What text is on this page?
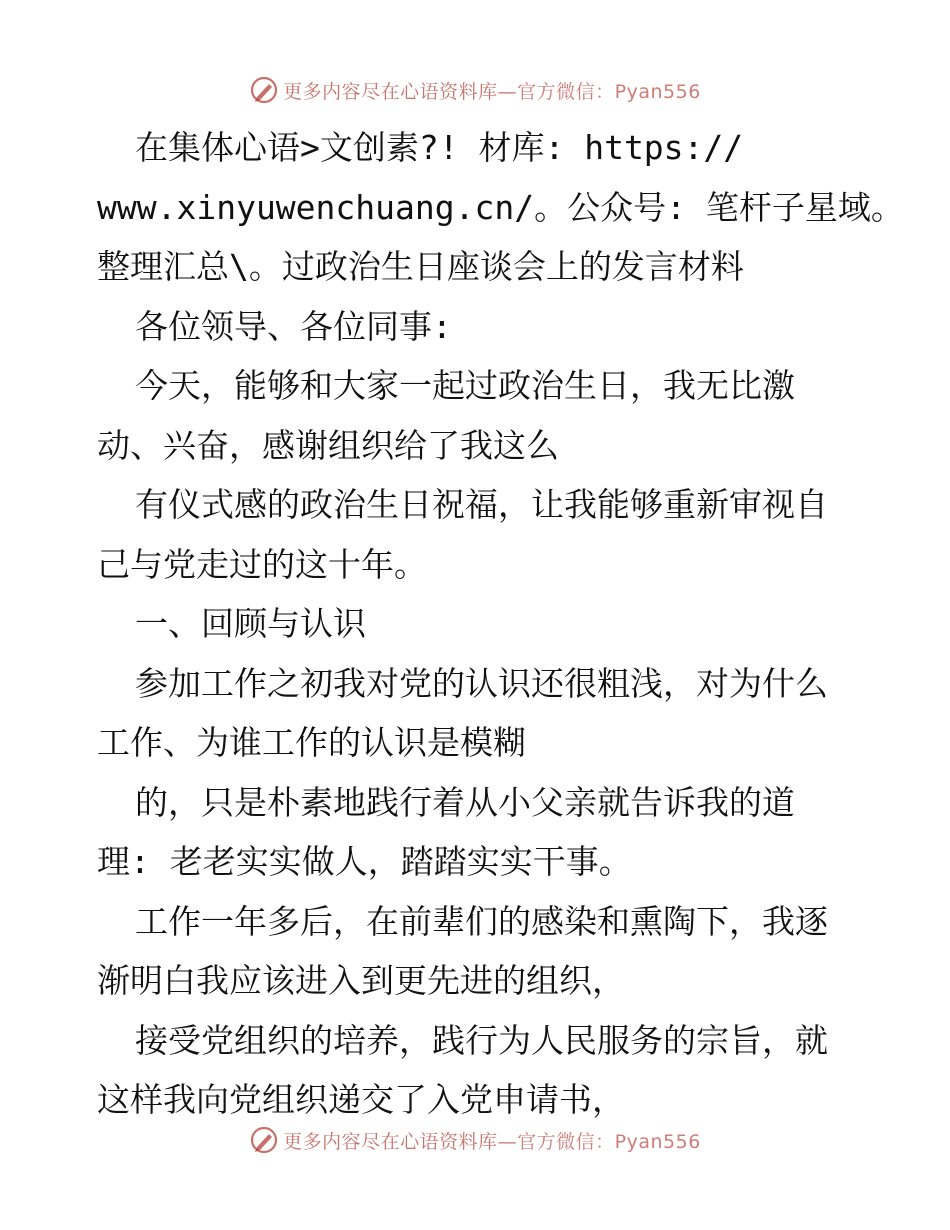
更多内容尽在心语资料库—官方微信：Pyan556
在集体心语>文创素?! 材库: https://
www.xinyuwenchuang.cn/。公众号: 笔杆子星域。
整理汇总\。过政治生日座谈会上的发言材料
各位领导、各位同事:
今天，能够和大家一起过政治生日，我无比激
动、兴奋，感谢组织给了我这么
有仪式感的政治生日祝福，让我能够重新审视自
己与党走过的这十年。
一、回顾与认识
参加工作之初我对党的认识还很粗浅，对为什么
工作、为谁工作的认识是模糊
的，只是朴素地践行着从小父亲就告诉我的道
理: 老老实实做人，踏踏实实干事。
工作一年多后，在前辈们的感染和熏陶下，我逐
渐明白我应该进入到更先进的组织，
接受党组织的培养，践行为人民服务的宗旨，就
这样我向党组织递交了入党申请书，
更多内容尽在心语资料库—官方微信：Pyan556
